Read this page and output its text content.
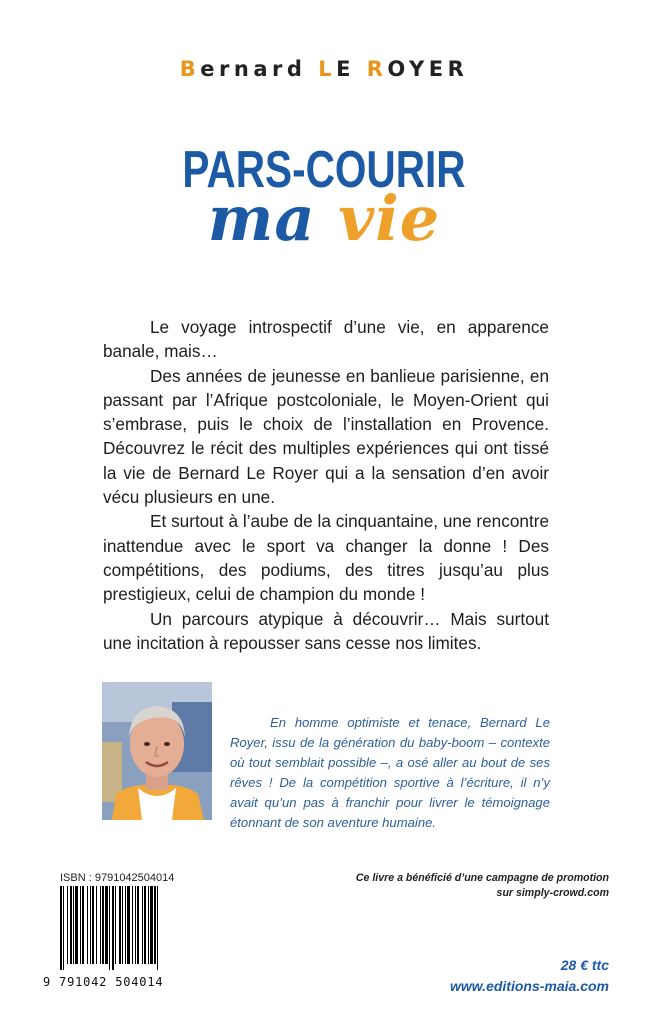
Bernard LE ROYER
PARS-COURIR
ma vie

Le voyage introspectif d’une vie, en apparence banale, mais…

Des années de jeunesse en banlieue parisienne, en passant par l’Afrique postcoloniale, le Moyen-Orient qui s’embrase, puis le choix de l’installation en Provence. Découvrez le récit des multiples expériences qui ont tissé la vie de Bernard Le Royer qui a la sensation d’en avoir vécu plusieurs en une.

Et surtout à l’aube de la cinquantaine, une rencontre inattendue avec le sport va changer la donne ! Des compétitions, des podiums, des titres jusqu’au plus prestigieux, celui de champion du monde !

Un parcours atypique à découvrir… Mais surtout une incitation à repousser sans cesse nos limites.

En homme optimiste et tenace, Bernard Le Royer, issu de la génération du baby-boom – contexte où tout semblait possible –, a osé aller au bout de ses rêves ! De la compétition sportive à l’écriture, il n’y avait qu’un pas à franchir pour livrer le témoignage étonnant de son aventure humaine.

ISBN : 9791042504014
9 791042 504014
Ce livre a bénéficié d’une campagne de promotion
sur simply-crowd.com
28 € ttc
www.editions-maia.com
